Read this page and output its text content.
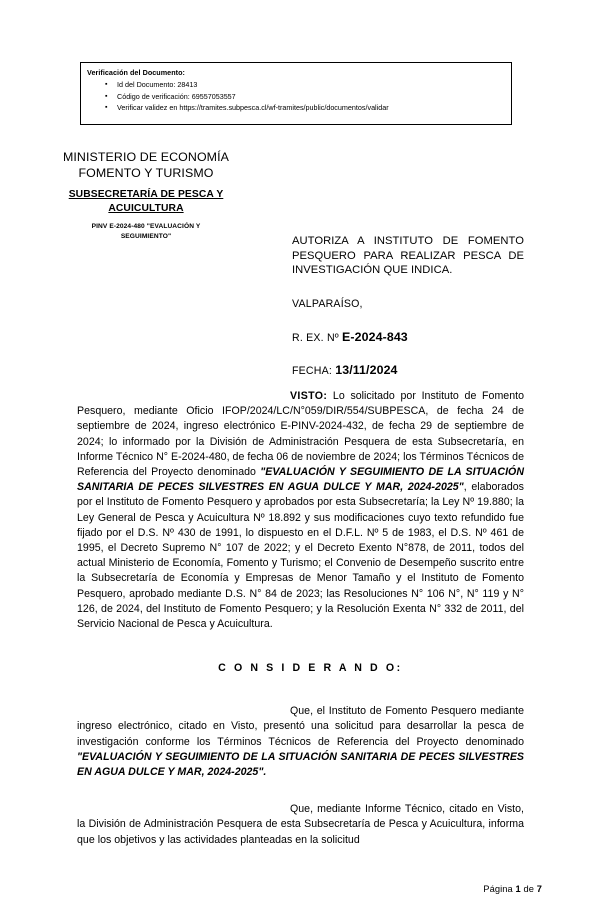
Verificación del Documento:
▪ Id del Documento: 28413
▪ Código de verificación: 69557053557
▪ Verificar validez en https://tramites.subpesca.cl/wf-tramites/public/documentos/validar
MINISTERIO DE ECONOMÍA
FOMENTO Y TURISMO
SUBSECRETARÍA DE PESCA Y
ACUICULTURA
PINV E-2024-480 "EVALUACIÓN Y
SEGUIMIENTO"	AUTORIZA A INSTITUTO DE FOMENTO PESQUERO PARA REALIZAR PESCA DE INVESTIGACIÓN QUE INDICA.
VALPARAÍSO,
R. EX. Nº E-2024-843
FECHA: 13/11/2024

VISTO: Lo solicitado por Instituto de Fomento Pesquero, mediante Oficio IFOP/2024/LC/N°059/DIR/554/SUBPESCA, de fecha 24 de septiembre de 2024, ingreso electrónico E-PINV-2024-432, de fecha 29 de septiembre de 2024; lo informado por la División de Administración Pesquera de esta Subsecretaría, en Informe Técnico N° E-2024-480, de fecha 06 de noviembre de 2024; los Términos Técnicos de Referencia del Proyecto denominado "EVALUACIÓN Y SEGUIMIENTO DE LA SITUACIÓN SANITARIA DE PECES SILVESTRES EN AGUA DULCE Y MAR, 2024-2025", elaborados por el Instituto de Fomento Pesquero y aprobados por esta Subsecretaría; la Ley Nº 19.880; la Ley General de Pesca y Acuicultura Nº 18.892 y sus modificaciones cuyo texto refundido fue fijado por el D.S. Nº 430 de 1991, lo dispuesto en el D.F.L. Nº 5 de 1983, el D.S. Nº 461 de 1995, el Decreto Supremo N° 107 de 2022; y el Decreto Exento N°878, de 2011, todos del actual Ministerio de Economía, Fomento y Turismo; el Convenio de Desempeño suscrito entre la Subsecretaría de Economía y Empresas de Menor Tamaño y el Instituto de Fomento Pesquero, aprobado mediante D.S. N° 84 de 2023; las Resoluciones N° 106 N°, N° 119 y N° 126, de 2024, del Instituto de Fomento Pesquero; y la Resolución Exenta N° 332 de 2011, del Servicio Nacional de Pesca y Acuicultura.

C O N S I D E R A N D O:

Que, el Instituto de Fomento Pesquero mediante ingreso electrónico, citado en Visto, presentó una solicitud para desarrollar la pesca de investigación conforme los Términos Técnicos de Referencia del Proyecto denominado "EVALUACIÓN Y SEGUIMIENTO DE LA SITUACIÓN SANITARIA DE PECES SILVESTRES EN AGUA DULCE Y MAR, 2024-2025".

Que, mediante Informe Técnico, citado en Visto, la División de Administración Pesquera de esta Subsecretaría de Pesca y Acuicultura, informa que los objetivos y las actividades planteadas en la solicitud

Página 1 de 7
